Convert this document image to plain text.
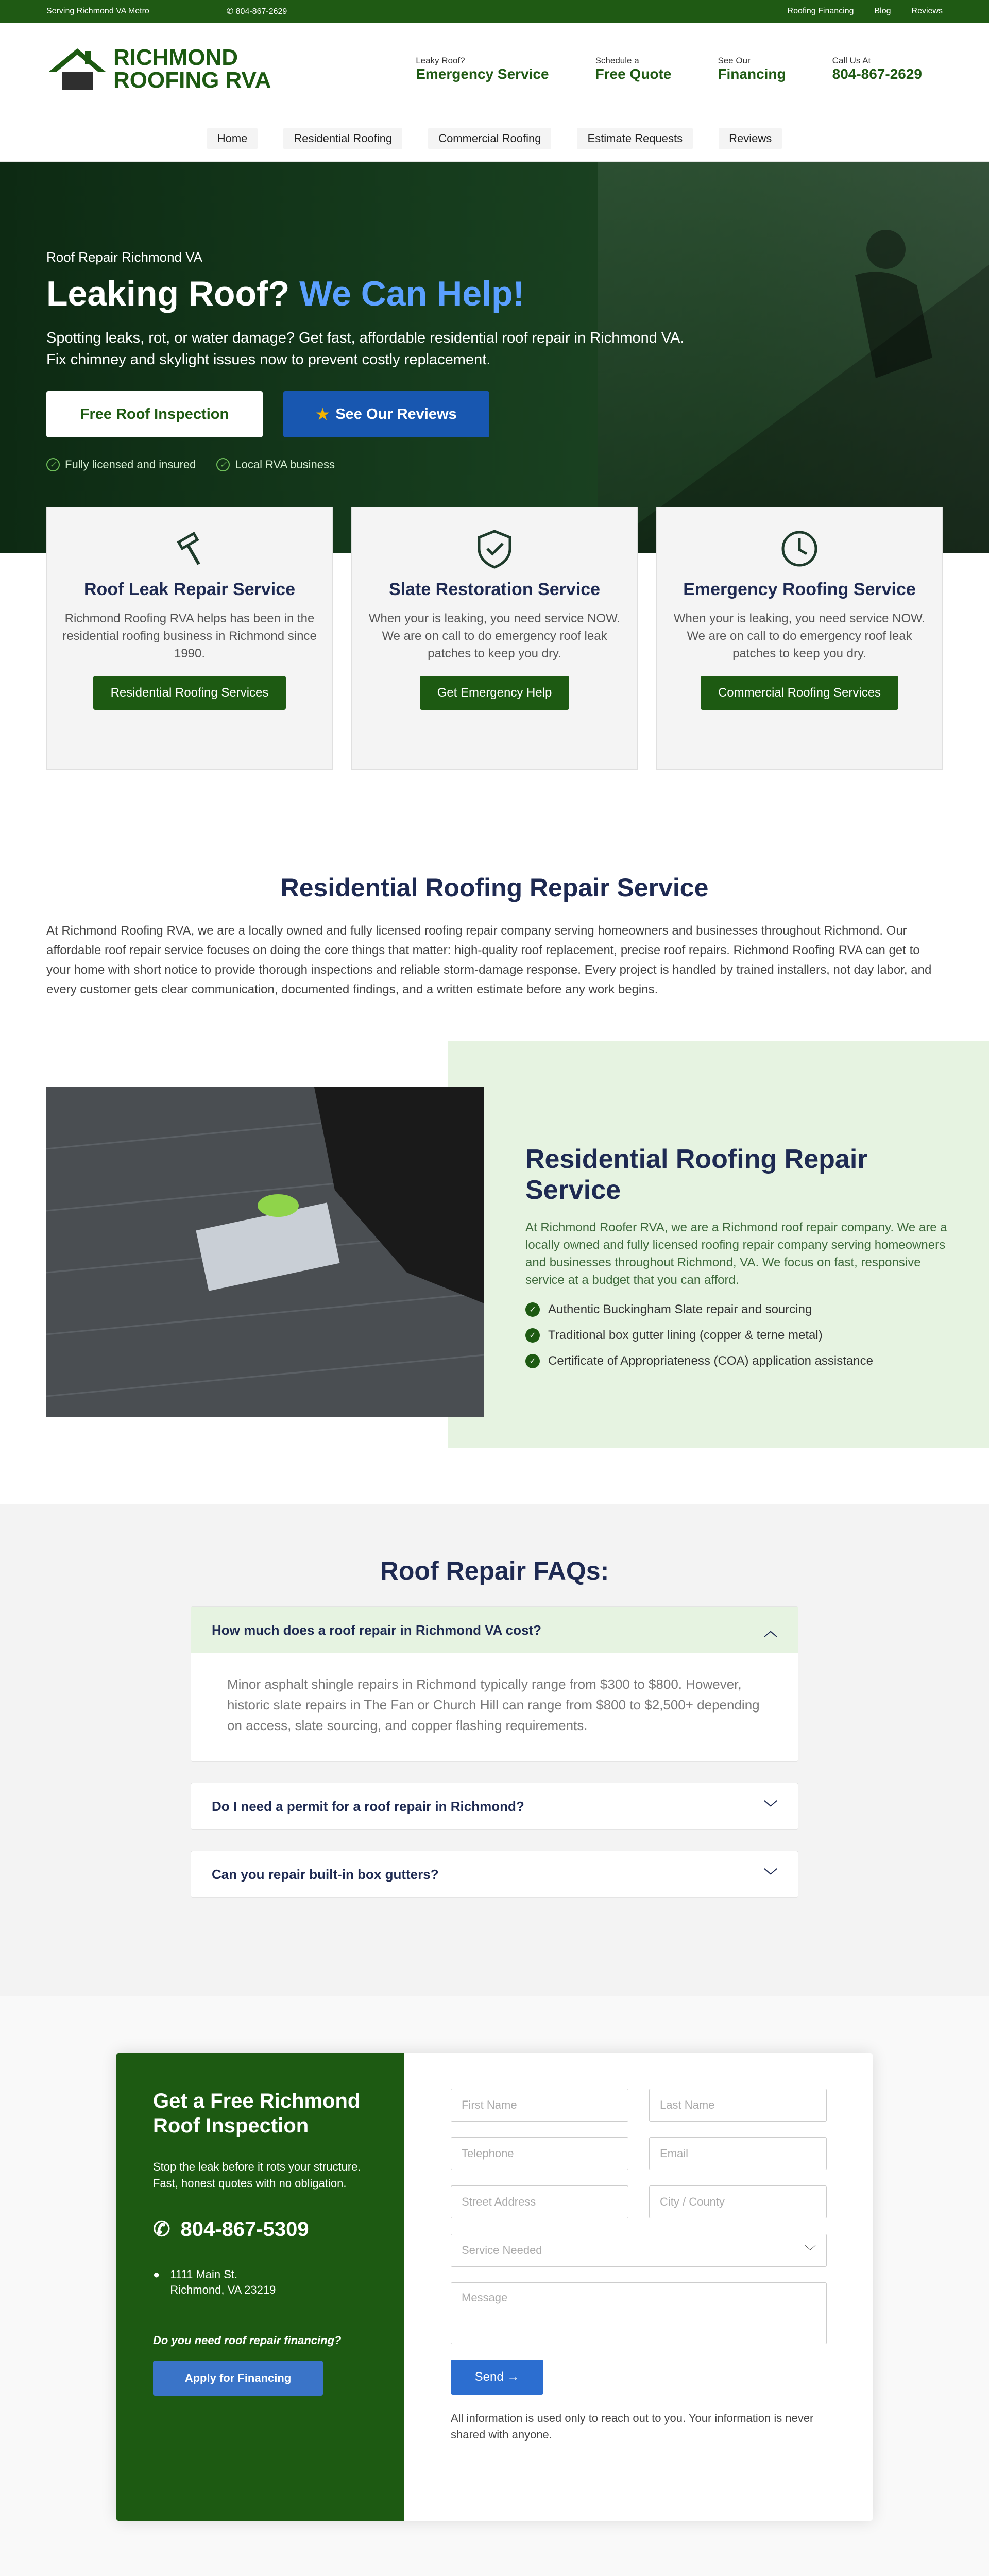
Serving Richmond VA Metro	✆ 804-867-2629	Roofing Financing	Blog	Reviews
RICHMOND
ROOFING RVA
Leaky Roof?
Emergency Service
Schedule a
Free Quote
See Our
Financing
Call Us At
804-867-2629
Home	Residential Roofing	Commercial Roofing	Estimate Requests	Reviews
Roof Repair Richmond VA
Leaking Roof? We Can Help!

Spotting leaks, rot, or water damage? Get fast, affordable residential roof repair in Richmond VA. Fix chimney and skylight issues now to prevent costly replacement.

Free Roof Inspection	★ See Our Reviews
✓ Fully licensed and insured	✓ Local RVA business
Roof Leak Repair Service

Richmond Roofing RVA helps has been in the residential roofing business in Richmond since 1990.

Residential Roofing Services
Slate Restoration Service

When your is leaking, you need service NOW. We are on call to do emergency roof leak patches to keep you dry.

Get Emergency Help
Emergency Roofing Service

When your is leaking, you need service NOW. We are on call to do emergency roof leak patches to keep you dry.

Commercial Roofing Services
Residential Roofing Repair Service

At Richmond Roofing RVA, we are a locally owned and fully licensed roofing repair company serving homeowners and businesses throughout Richmond. Our affordable roof repair service focuses on doing the core things that matter: high-quality roof replacement, precise roof repairs. Richmond Roofing RVA can get to your home with short notice to provide thorough inspections and reliable storm-damage response. Every project is handled by trained installers, not day labor, and every customer gets clear communication, documented findings, and a written estimate before any work begins.

Residential Roofing Repair Service

At Richmond Roofer RVA, we are a Richmond roof repair company. We are a locally owned and fully licensed roofing repair company serving homeowners and businesses throughout Richmond, VA. We focus on fast, responsive service at a budget that you can afford.

✓ Authentic Buckingham Slate repair and sourcing
✓ Traditional box gutter lining (copper & terne metal)
✓ Certificate of Appropriateness (COA) application assistance
Roof Repair FAQs:
How much does a roof repair in Richmond VA cost?	︿
Minor asphalt shingle repairs in Richmond typically range from $300 to $800. However, historic slate repairs in The Fan or Church Hill can range from $800 to $2,500+ depending on access, slate sourcing, and copper flashing requirements.
Do I need a permit for a roof repair in Richmond?	﹀
Can you repair built-in box gutters?	﹀
Get a Free Richmond Roof Inspection

Stop the leak before it rots your structure. Fast, honest quotes with no obligation.

✆ 804-867-5309
● 1111 Main St.
Richmond, VA 23219
Do you need roof repair financing?
Apply for Financing
First Name	Last Name
Telephone	Email
Street Address	City / County
Service Needed	﹀
Message
Send
→
All information is used only to reach out to you. Your information is never shared with anyone.
